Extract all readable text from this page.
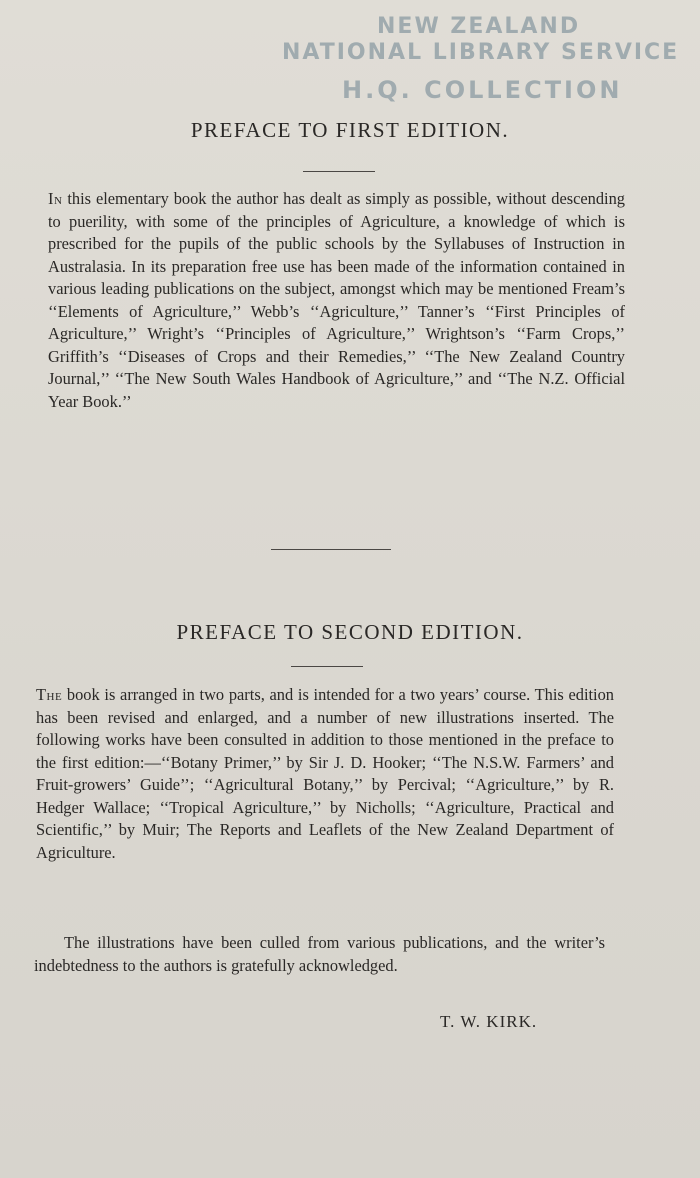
NEW ZEALAND
NATIONAL LIBRARY SERVICE
H.Q. COLLECTION
PREFACE TO FIRST EDITION.
In this elementary book the author has dealt as simply as possible, without descending to puerility, with some of the principles of Agriculture, a knowledge of which is prescribed for the pupils of the public schools by the Syllabuses of Instruction in Australasia. In its preparation free use has been made of the information contained in various leading publications on the subject, amongst which may be mentioned Fream’s ‘‘Elements of Agriculture,’’ Webb’s ‘‘Agriculture,’’ Tanner’s ‘‘First Principles of Agriculture,’’ Wright’s ‘‘Principles of Agriculture,’’ Wrightson’s ‘‘Farm Crops,’’ Griffith’s ‘‘Diseases of Crops and their Remedies,’’ ‘‘The New Zealand Country Journal,’’ ‘‘The New South Wales Handbook of Agriculture,’’ and ‘‘The N.Z. Official Year Book.’’
PREFACE TO SECOND EDITION.
The book is arranged in two parts, and is intended for a two years’ course. This edition has been revised and enlarged, and a number of new illustrations inserted. The following works have been consulted in addition to those mentioned in the preface to the first edition:—‘‘Botany Primer,’’ by Sir J. D. Hooker; ‘‘The N.S.W. Farmers’ and Fruit-growers’ Guide’’; ‘‘Agricultural Botany,’’ by Percival; ‘‘Agriculture,’’ by R. Hedger Wallace; ‘‘Tropical Agriculture,’’ by Nicholls; ‘‘Agriculture, Practical and Scientific,’’ by Muir; The Reports and Leaflets of the New Zealand Department of Agriculture.
The illustrations have been culled from various publications, and the writer’s indebtedness to the authors is gratefully acknowledged.
T. W. KIRK.
